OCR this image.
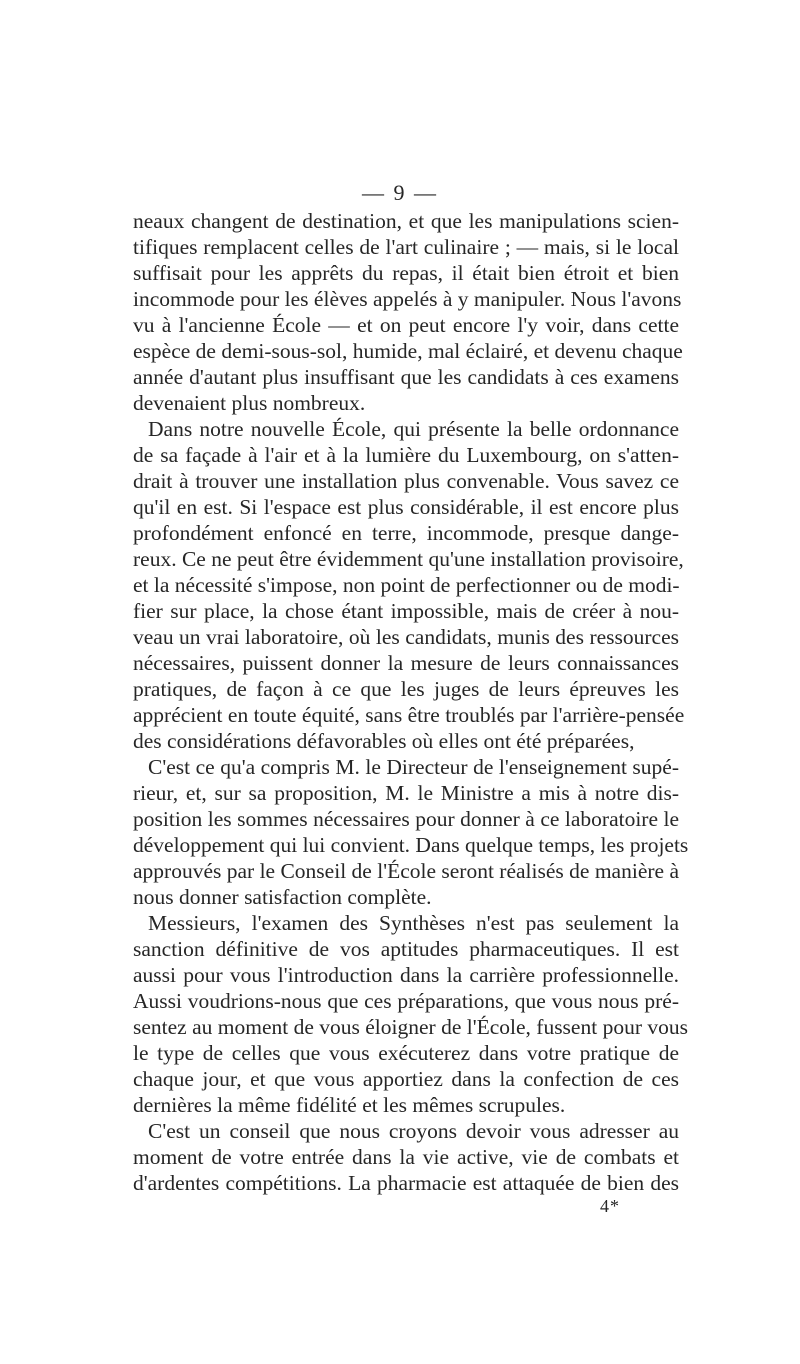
— 9 —
neaux changent de destination, et que les manipulations scien-
tifiques remplacent celles de l'art culinaire ; — mais, si le local
suffisait pour les apprêts du repas, il était bien étroit et bien
incommode pour les élèves appelés à y manipuler. Nous l'avons
vu à l'ancienne École — et on peut encore l'y voir, dans cette
espèce de demi-sous-sol, humide, mal éclairé, et devenu chaque
année d'autant plus insuffisant que les candidats à ces examens
devenaient plus nombreux.
Dans notre nouvelle École, qui présente la belle ordonnance
de sa façade à l'air et à la lumière du Luxembourg, on s'atten-
drait à trouver une installation plus convenable. Vous savez ce
qu'il en est. Si l'espace est plus considérable, il est encore plus
profondément enfoncé en terre, incommode, presque dange-
reux. Ce ne peut être évidemment qu'une installation provisoire,
et la nécessité s'impose, non point de perfectionner ou de modi-
fier sur place, la chose étant impossible, mais de créer à nou-
veau un vrai laboratoire, où les candidats, munis des ressources
nécessaires, puissent donner la mesure de leurs connaissances
pratiques, de façon à ce que les juges de leurs épreuves les
apprécient en toute équité, sans être troublés par l'arrière-pensée
des considérations défavorables où elles ont été préparées,
C'est ce qu'a compris M. le Directeur de l'enseignement supé-
rieur, et, sur sa proposition, M. le Ministre a mis à notre dis-
position les sommes nécessaires pour donner à ce laboratoire le
développement qui lui convient. Dans quelque temps, les projets
approuvés par le Conseil de l'École seront réalisés de manière à
nous donner satisfaction complète.
Messieurs, l'examen des Synthèses n'est pas seulement la
sanction définitive de vos aptitudes pharmaceutiques. Il est
aussi pour vous l'introduction dans la carrière professionnelle.
Aussi voudrions-nous que ces préparations, que vous nous pré-
sentez au moment de vous éloigner de l'École, fussent pour vous
le type de celles que vous exécuterez dans votre pratique de
chaque jour, et que vous apportiez dans la confection de ces
dernières la même fidélité et les mêmes scrupules.
C'est un conseil que nous croyons devoir vous adresser au
moment de votre entrée dans la vie active, vie de combats et
d'ardentes compétitions. La pharmacie est attaquée de bien des
4*
